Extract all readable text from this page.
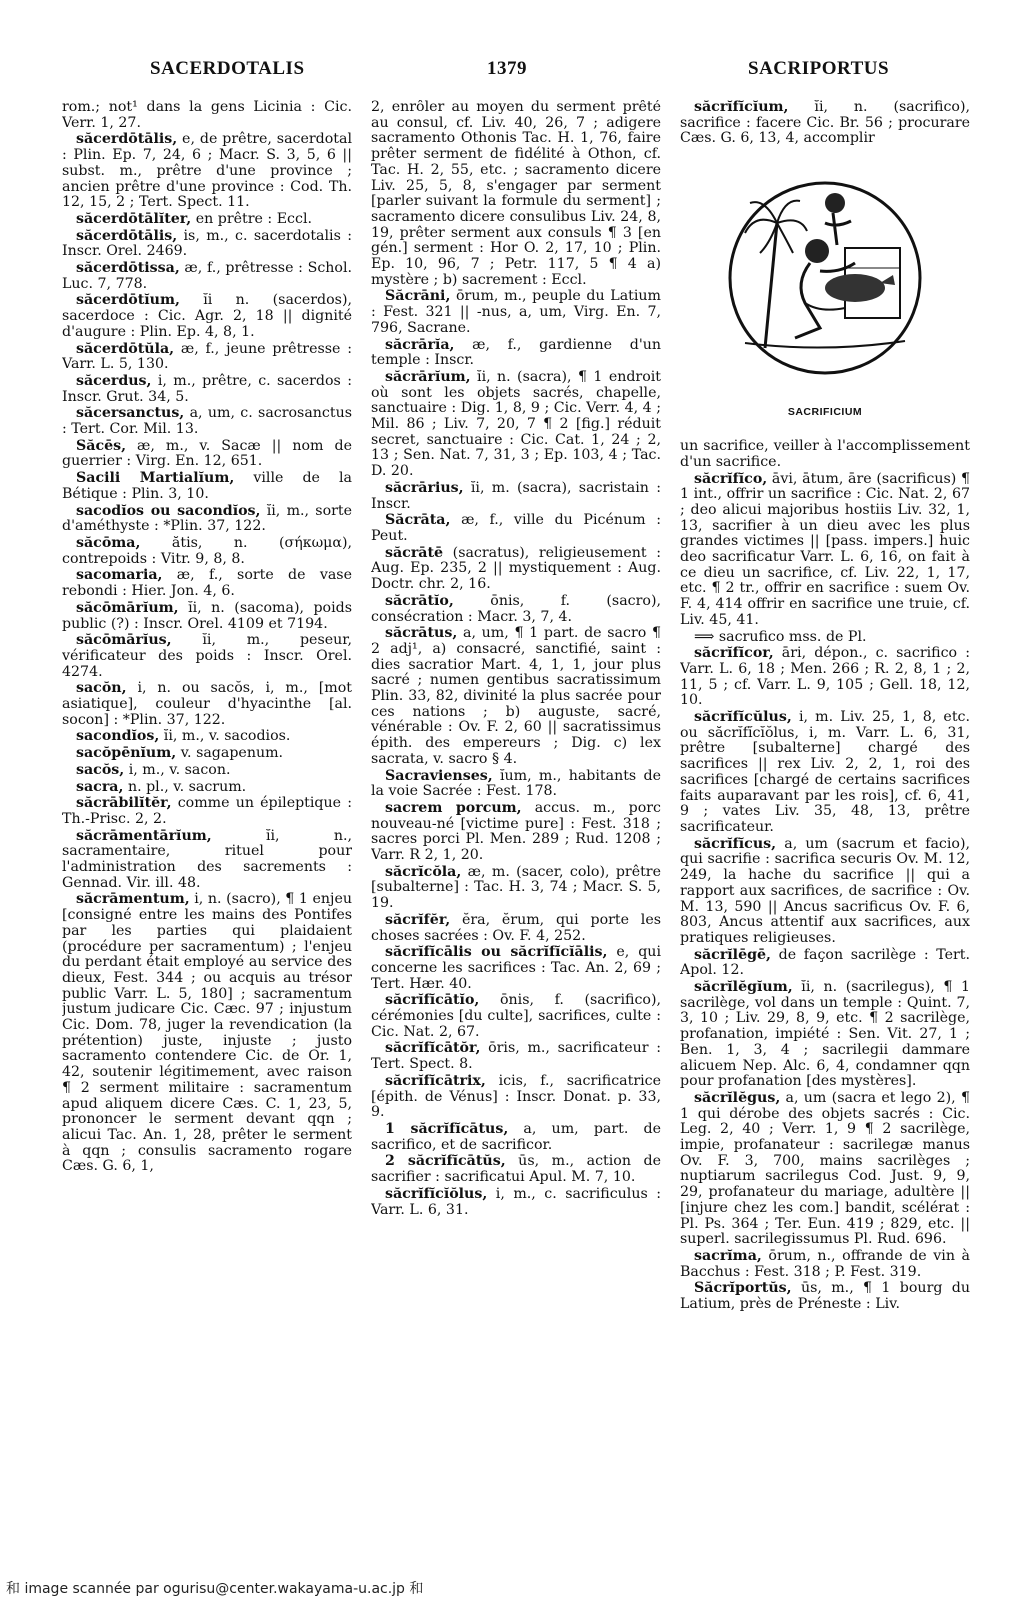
SACERDOTALIS	1379	SACRIPORTUS

rom.; not¹ dans la gens Licinia : Cic. Verr. 1, 27.

săcerdōtālis, e, de prêtre, sacerdotal : Plin. Ep. 7, 24, 6 ; Macr. S. 3, 5, 6 || subst. m., prêtre d'une province ; ancien prêtre d'une province : Cod. Th. 12, 15, 2 ; Tert. Spect. 11.

săcerdōtālĭter, en prêtre : Eccl.

săcerdōtālis, is, m., c. sacerdotalis : Inscr. Orel. 2469.

săcerdōtissa, æ, f., prêtresse : Schol. Luc. 7, 778.

săcerdōtĭum, ĭi n. (sacerdos), sacerdoce : Cic. Agr. 2, 18 || dignité d'augure : Plin. Ep. 4, 8, 1.

săcerdōtŭla, æ, f., jeune prêtresse : Varr. L. 5, 130.

săcerdus, i, m., prêtre, c. sacerdos : Inscr. Grut. 34, 5.

săcersanctus, a, um, c. sacrosanctus : Tert. Cor. Mil. 13.

Săcēs, æ, m., v. Sacæ || nom de guerrier : Virg. En. 12, 651.

Sacili Martialĭum, ville de la Bétique : Plin. 3, 10.

sacodĭos ou sacondĭos, ĭi, m., sorte d'améthyste : *Plin. 37, 122.

săcōma, ătis, n. (σήκωμα), contrepoids : Vitr. 9, 8, 8.

sacomaria, æ, f., sorte de vase rebondi : Hier. Jon. 4, 6.

săcōmārĭum, ĭi, n. (sacoma), poids public (?) : Inscr. Orel. 4109 et 7194.

săcōmārĭus, ĭi, m., peseur, vérificateur des poids : Inscr. Orel. 4274.

sacŏn, i, n. ou sacŏs, i, m., [mot asiatique], couleur d'hyacinthe [al. socon] : *Plin. 37, 122.

sacondĭos, ĭi, m., v. sacodios.

sacŏpēnĭum, v. sagapenum.

sacŏs, i, m., v. sacon.

sacra, n. pl., v. sacrum.

săcrābilĭtĕr, comme un épileptique : Th.-Prisc. 2, 2.

săcrāmentārĭum, ĭi, n., sacramentaire, rituel pour l'administration des sacrements : Gennad. Vir. ill. 48.

săcrāmentum, i, n. (sacro), ¶ 1 enjeu [consigné entre les mains des Pontifes par les parties qui plaidaient (procédure per sacramentum) ; l'enjeu du perdant était employé au service des dieux, Fest. 344 ; ou acquis au trésor public Varr. L. 5, 180] ; sacramentum justum judicare Cic. Cæc. 97 ; injustum Cic. Dom. 78, juger la revendication (la prétention) juste, injuste ; justo sacramento contendere Cic. de Or. 1, 42, soutenir légitimement, avec raison ¶ 2 serment militaire : sacramentum apud aliquem dicere Cæs. C. 1, 23, 5, prononcer le serment devant qqn ; alicui Tac. An. 1, 28, prêter le serment à qqn ; consulis sacramento rogare Cæs. G. 6, 1,

2, enrôler au moyen du serment prêté au consul, cf. Liv. 40, 26, 7 ; adigere sacramento Othonis Tac. H. 1, 76, faire prêter serment de fidélité à Othon, cf. Tac. H. 2, 55, etc. ; sacramento dicere Liv. 25, 5, 8, s'engager par serment [parler suivant la formule du serment] ; sacramento dicere consulibus Liv. 24, 8, 19, prêter serment aux consuls ¶ 3 [en gén.] serment : Hor O. 2, 17, 10 ; Plin. Ep. 10, 96, 7 ; Petr. 117, 5 ¶ 4 a) mystère ; b) sacrement : Eccl.

Săcrāni, ōrum, m., peuple du Latium : Fest. 321 || -nus, a, um, Virg. En. 7, 796, Sacrane.

săcrārĭa, æ, f., gardienne d'un temple : Inscr.

săcrārĭum, ĭi, n. (sacra), ¶ 1 endroit où sont les objets sacrés, chapelle, sanctuaire : Dig. 1, 8, 9 ; Cic. Verr. 4, 4 ; Mil. 86 ; Liv. 7, 20, 7 ¶ 2 [fig.] réduit secret, sanctuaire : Cic. Cat. 1, 24 ; 2, 13 ; Sen. Nat. 7, 31, 3 ; Ep. 103, 4 ; Tac. D. 20.

săcrārius, ĭi, m. (sacra), sacristain : Inscr.

Săcrāta, æ, f., ville du Picénum : Peut.

săcrātē (sacratus), religieusement : Aug. Ep. 235, 2 || mystiquement : Aug. Doctr. chr. 2, 16.

săcrātĭo, ōnis, f. (sacro), consécration : Macr. 3, 7, 4.

săcrātus, a, um, ¶ 1 part. de sacro ¶ 2 adj¹, a) consacré, sanctifié, saint : dies sacratior Mart. 4, 1, 1, jour plus sacré ; numen gentibus sacratissimum Plin. 33, 82, divinité la plus sacrée pour ces nations ; b) auguste, sacré, vénérable : Ov. F. 2, 60 || sacratissimus épith. des empereurs ; Dig. c) lex sacrata, v. sacro § 4.

Sacravienses, ĭum, m., habitants de la voie Sacrée : Fest. 178.

sacrem porcum, accus. m., porc nouveau-né [victime pure] : Fest. 318 ; sacres porci Pl. Men. 289 ; Rud. 1208 ; Varr. R 2, 1, 20.

săcrĭcŏla, æ, m. (sacer, colo), prêtre [subalterne] : Tac. H. 3, 74 ; Macr. S. 5, 19.

săcrĭfĕr, ĕra, ĕrum, qui porte les choses sacrées : Ov. F. 4, 252.

săcrĭfĭcālis ou săcrĭfĭcĭālis, e, qui concerne les sacrifices : Tac. An. 2, 69 ; Tert. Hær. 40.

săcrĭfĭcātĭo, ōnis, f. (sacrifico), cérémonies [du culte], sacrifices, culte : Cic. Nat. 2, 67.

săcrĭfĭcātŏr, ōris, m., sacrificateur : Tert. Spect. 8.

săcrĭfĭcātrix, icis, f., sacrificatrice [épith. de Vénus] : Inscr. Donat. p. 33, 9.

1 săcrĭfĭcātus, a, um, part. de sacrifico, et de sacrificor.

2 săcrĭfĭcātŭs, ūs, m., action de sacrifier : sacrificatui Apul. M. 7, 10.

săcrĭfĭcĭŏlus, i, m., c. sacrificulus : Varr. L. 6, 31.

săcrĭfĭcĭum, ĭi, n. (sacrifico), sacrifice : facere Cic. Br. 56 ; procurare Cæs. G. 6, 13, 4, accomplir

SACRIFICIUM

un sacrifice, veiller à l'accomplissement d'un sacrifice.

săcrĭfĭco, āvi, ātum, āre (sacrificus) ¶ 1 int., offrir un sacrifice : Cic. Nat. 2, 67 ; deo alicui majoribus hostiis Liv. 32, 1, 13, sacrifier à un dieu avec les plus grandes victimes || [pass. impers.] huic deo sacrificatur Varr. L. 6, 16, on fait à ce dieu un sacrifice, cf. Liv. 22, 1, 17, etc. ¶ 2 tr., offrir en sacrifice : suem Ov. F. 4, 414 offrir en sacrifice une truie, cf. Liv. 45, 41.

⟹ sacrufico mss. de Pl.

săcrĭfĭcor, āri, dépon., c. sacrifico : Varr. L. 6, 18 ; Men. 266 ; R. 2, 8, 1 ; 2, 11, 5 ; cf. Varr. L. 9, 105 ; Gell. 18, 12, 10.

săcrĭfĭcŭlus, i, m. Liv. 25, 1, 8, etc. ou săcrĭfĭcĭŏlus, i, m. Varr. L. 6, 31, prêtre [subalterne] chargé des sacrifices || rex Liv. 2, 2, 1, roi des sacrifices [chargé de certains sacrifices faits auparavant par les rois], cf. 6, 41, 9 ; vates Liv. 35, 48, 13, prêtre sacrificateur.

săcrĭfĭcus, a, um (sacrum et facio), qui sacrifie : sacrifica securis Ov. M. 12, 249, la hache du sacrifice || qui a rapport aux sacrifices, de sacrifice : Ov. M. 13, 590 || Ancus sacrificus Ov. F. 6, 803, Ancus attentif aux sacrifices, aux pratiques religieuses.

săcrĭlēgē, de façon sacrilège : Tert. Apol. 12.

săcrĭlĕgĭum, ĭi, n. (sacrilegus), ¶ 1 sacrilège, vol dans un temple : Quint. 7, 3, 10 ; Liv. 29, 8, 9, etc. ¶ 2 sacrilège, profanation, impiété : Sen. Vit. 27, 1 ; Ben. 1, 3, 4 ; sacrilegii dammare alicuem Nep. Alc. 6, 4, condamner qqn pour profanation [des mystères].

săcrĭlĕgus, a, um (sacra et lego 2), ¶ 1 qui dérobe des objets sacrés : Cic. Leg. 2, 40 ; Verr. 1, 9 ¶ 2 sacrilège, impie, profanateur : sacrilegæ manus Ov. F. 3, 700, mains sacrilèges ; nuptiarum sacrilegus Cod. Just. 9, 9, 29, profanateur du mariage, adultère || [injure chez les com.] bandit, scélérat : Pl. Ps. 364 ; Ter. Eun. 419 ; 829, etc. || superl. sacrilegissumus Pl. Rud. 696.

sacrĭma, ōrum, n., offrande de vin à Bacchus : Fest. 318 ; P. Fest. 319.

Săcrĭportŭs, ūs, m., ¶ 1 bourg du Latium, près de Préneste : Liv.

和 image scannée par ogurisu@center.wakayama-u.ac.jp 和
